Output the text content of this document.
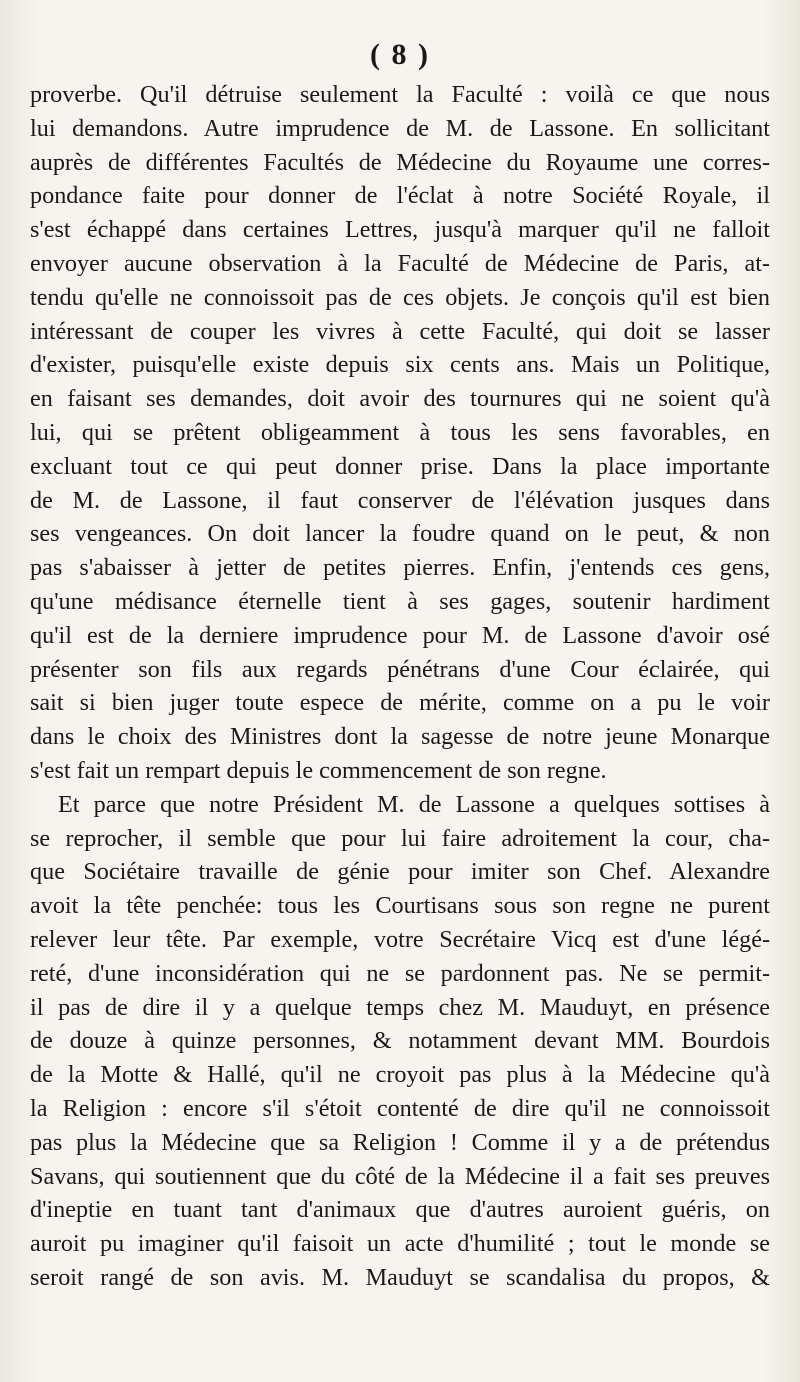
( 8 )
proverbe. Qu'il détruise seulement la Faculté : voilà ce que nous
lui demandons. Autre imprudence de M. de Lassone. En sollicitant
auprès de différentes Facultés de Médecine du Royaume une corres-
pondance faite pour donner de l'éclat à notre Société Royale, il
s'est échappé dans certaines Lettres, jusqu'à marquer qu'il ne falloit
envoyer aucune observation à la Faculté de Médecine de Paris, at-
tendu qu'elle ne connoissoit pas de ces objets. Je conçois qu'il est bien
intéressant de couper les vivres à cette Faculté, qui doit se lasser
d'exister, puisqu'elle existe depuis six cents ans. Mais un Politique,
en faisant ses demandes, doit avoir des tournures qui ne soient qu'à
lui, qui se prêtent obligeamment à tous les sens favorables, en
excluant tout ce qui peut donner prise. Dans la place importante
de M. de Lassone, il faut conserver de l'élévation jusques dans
ses vengeances. On doit lancer la foudre quand on le peut, & non
pas s'abaisser à jetter de petites pierres. Enfin, j'entends ces gens,
qu'une médisance éternelle tient à ses gages, soutenir hardiment
qu'il est de la derniere imprudence pour M. de Lassone d'avoir osé
présenter son fils aux regards pénétrans d'une Cour éclairée, qui
sait si bien juger toute espece de mérite, comme on a pu le voir
dans le choix des Ministres dont la sagesse de notre jeune Monarque
s'est fait un rempart depuis le commencement de son regne.
Et parce que notre Président M. de Lassone a quelques sottises à
se reprocher, il semble que pour lui faire adroitement la cour, cha-
que Sociétaire travaille de génie pour imiter son Chef. Alexandre
avoit la tête penchée: tous les Courtisans sous son regne ne purent
relever leur tête. Par exemple, votre Secrétaire Vicq est d'une légé-
reté, d'une inconsidération qui ne se pardonnent pas. Ne se permit-
il pas de dire il y a quelque temps chez M. Mauduyt, en présence
de douze à quinze personnes, & notamment devant MM. Bourdois
de la Motte & Hallé, qu'il ne croyoit pas plus à la Médecine qu'à
la Religion : encore s'il s'étoit contenté de dire qu'il ne connoissoit
pas plus la Médecine que sa Religion ! Comme il y a de prétendus
Savans, qui soutiennent que du côté de la Médecine il a fait ses preuves
d'ineptie en tuant tant d'animaux que d'autres auroient guéris, on
auroit pu imaginer qu'il faisoit un acte d'humilité ; tout le monde se
seroit rangé de son avis. M. Mauduyt se scandalisa du propos, &
